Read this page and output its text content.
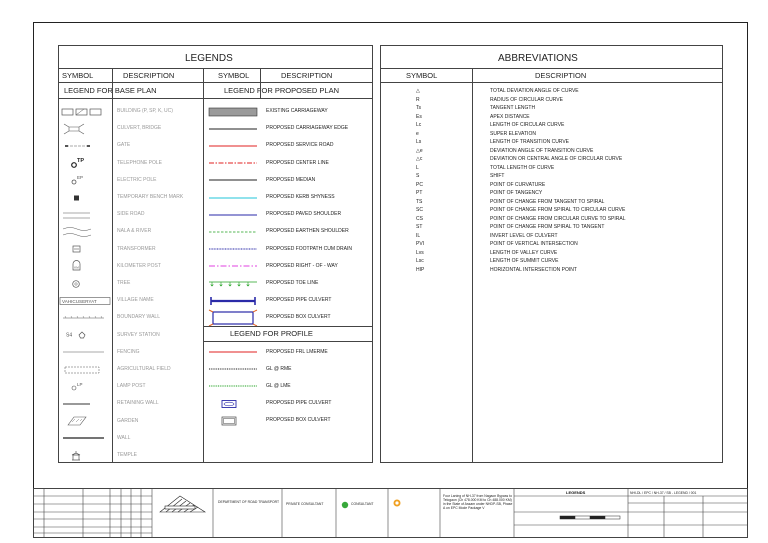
LEGENDS
SYMBOL	DESCRIPTION	SYMBOL	DESCRIPTION
LEGEND FOR BASE PLAN	LEGEND FOR PROPOSED PLAN
BUILDING (P, SP, K, UC)
CULVERT, BRIDGE
GATE
TP	TELEPHONE POLE
EP	ELECTRIC POLE
TEMPORARY BENCH MARK
SIDE ROAD
NALA & RIVER
TRANSFORMER
KM	KILOMETER POST
TREE
VAHICUSERYAT	VILLAGE NAME
BOUNDARY WALL
S4	SURVEY STATION
FENCING
AGRICULTURAL FIELD
LP	LAMP POST
RETAINING WALL
GARDEN
WALL
TEMPLE
EXISTING CARRIAGEWAY
PROPOSED CARRIAGEWAY EDGE
PROPOSED SERVICE ROAD
PROPOSED CENTER LINE
PROPOSED MEDIAN
PROPOSED KERB SHYNESS
PROPOSED PAVED SHOULDER
PROPOSED EARTHEN SHOULDER
PROPOSED FOOTPATH CUM DRAIN
PROPOSED RIGHT - OF - WAY
PROPOSED TOE LINE
PROPOSED PIPE CULVERT
PROPOSED BOX CULVERT
LEGEND FOR PROFILE
PROPOSED FRL LMERME
GL @ RME
GL @ LME
PROPOSED PIPE CULVERT
PROPOSED BOX CULVERT
ABBREVIATIONS
SYMBOL	DESCRIPTION
△	TOTAL DEVIATION ANGLE OF CURVE
R	RADIUS OF CIRCULAR CURVE
Ts	TANGENT LENGTH
Es	APEX DISTANCE
Lc	LENGTH OF CIRCULAR CURVE
e	SUPER ELEVATION
Ls	LENGTH OF TRANSITION CURVE
△e	DEVIATION ANGLE OF TRANSITION CURVE
△c	DEVIATION OR CENTRAL ANGLE OF CIRCULAR CURVE
L	TOTAL LENGTH OF CURVE
S	SHIFT
PC	POINT OF CURVATURE
PT	POINT OF TANGENCY
TS	POINT OF CHANGE FROM TANGENT TO SPIRAL
SC	POINT OF CHANGE FROM SPIRAL TO CIRCULAR CURVE
CS	POINT OF CHANGE FROM CIRCULAR CURVE TO SPIRAL
ST	POINT OF CHANGE FROM SPIRAL TO TANGENT
IL	INVERT LEVEL OF CULVERT
PVI	POINT OF VERTICAL INTERSECTION
Lvs	LENGTH OF VALLEY CURVE
Lsc	LENGTH OF SUMMIT CURVE
HIP	HORIZONTAL INTERSECTION POINT
DEPARTMENT OF ROAD TRANSPORT PRIVATE CONSULTANT	CONSULTANT
Four Laning of NH-37 from Nagaon Bypass to Telogaon (Ch 478.000 KM to Ch 488.000 KM) in the State of Assam under NHDP-SB, Phase A on EPC Mode Package V
LEGENDS	NHI-DL / EPC / NH-37 / SB - LEGEND / 001
